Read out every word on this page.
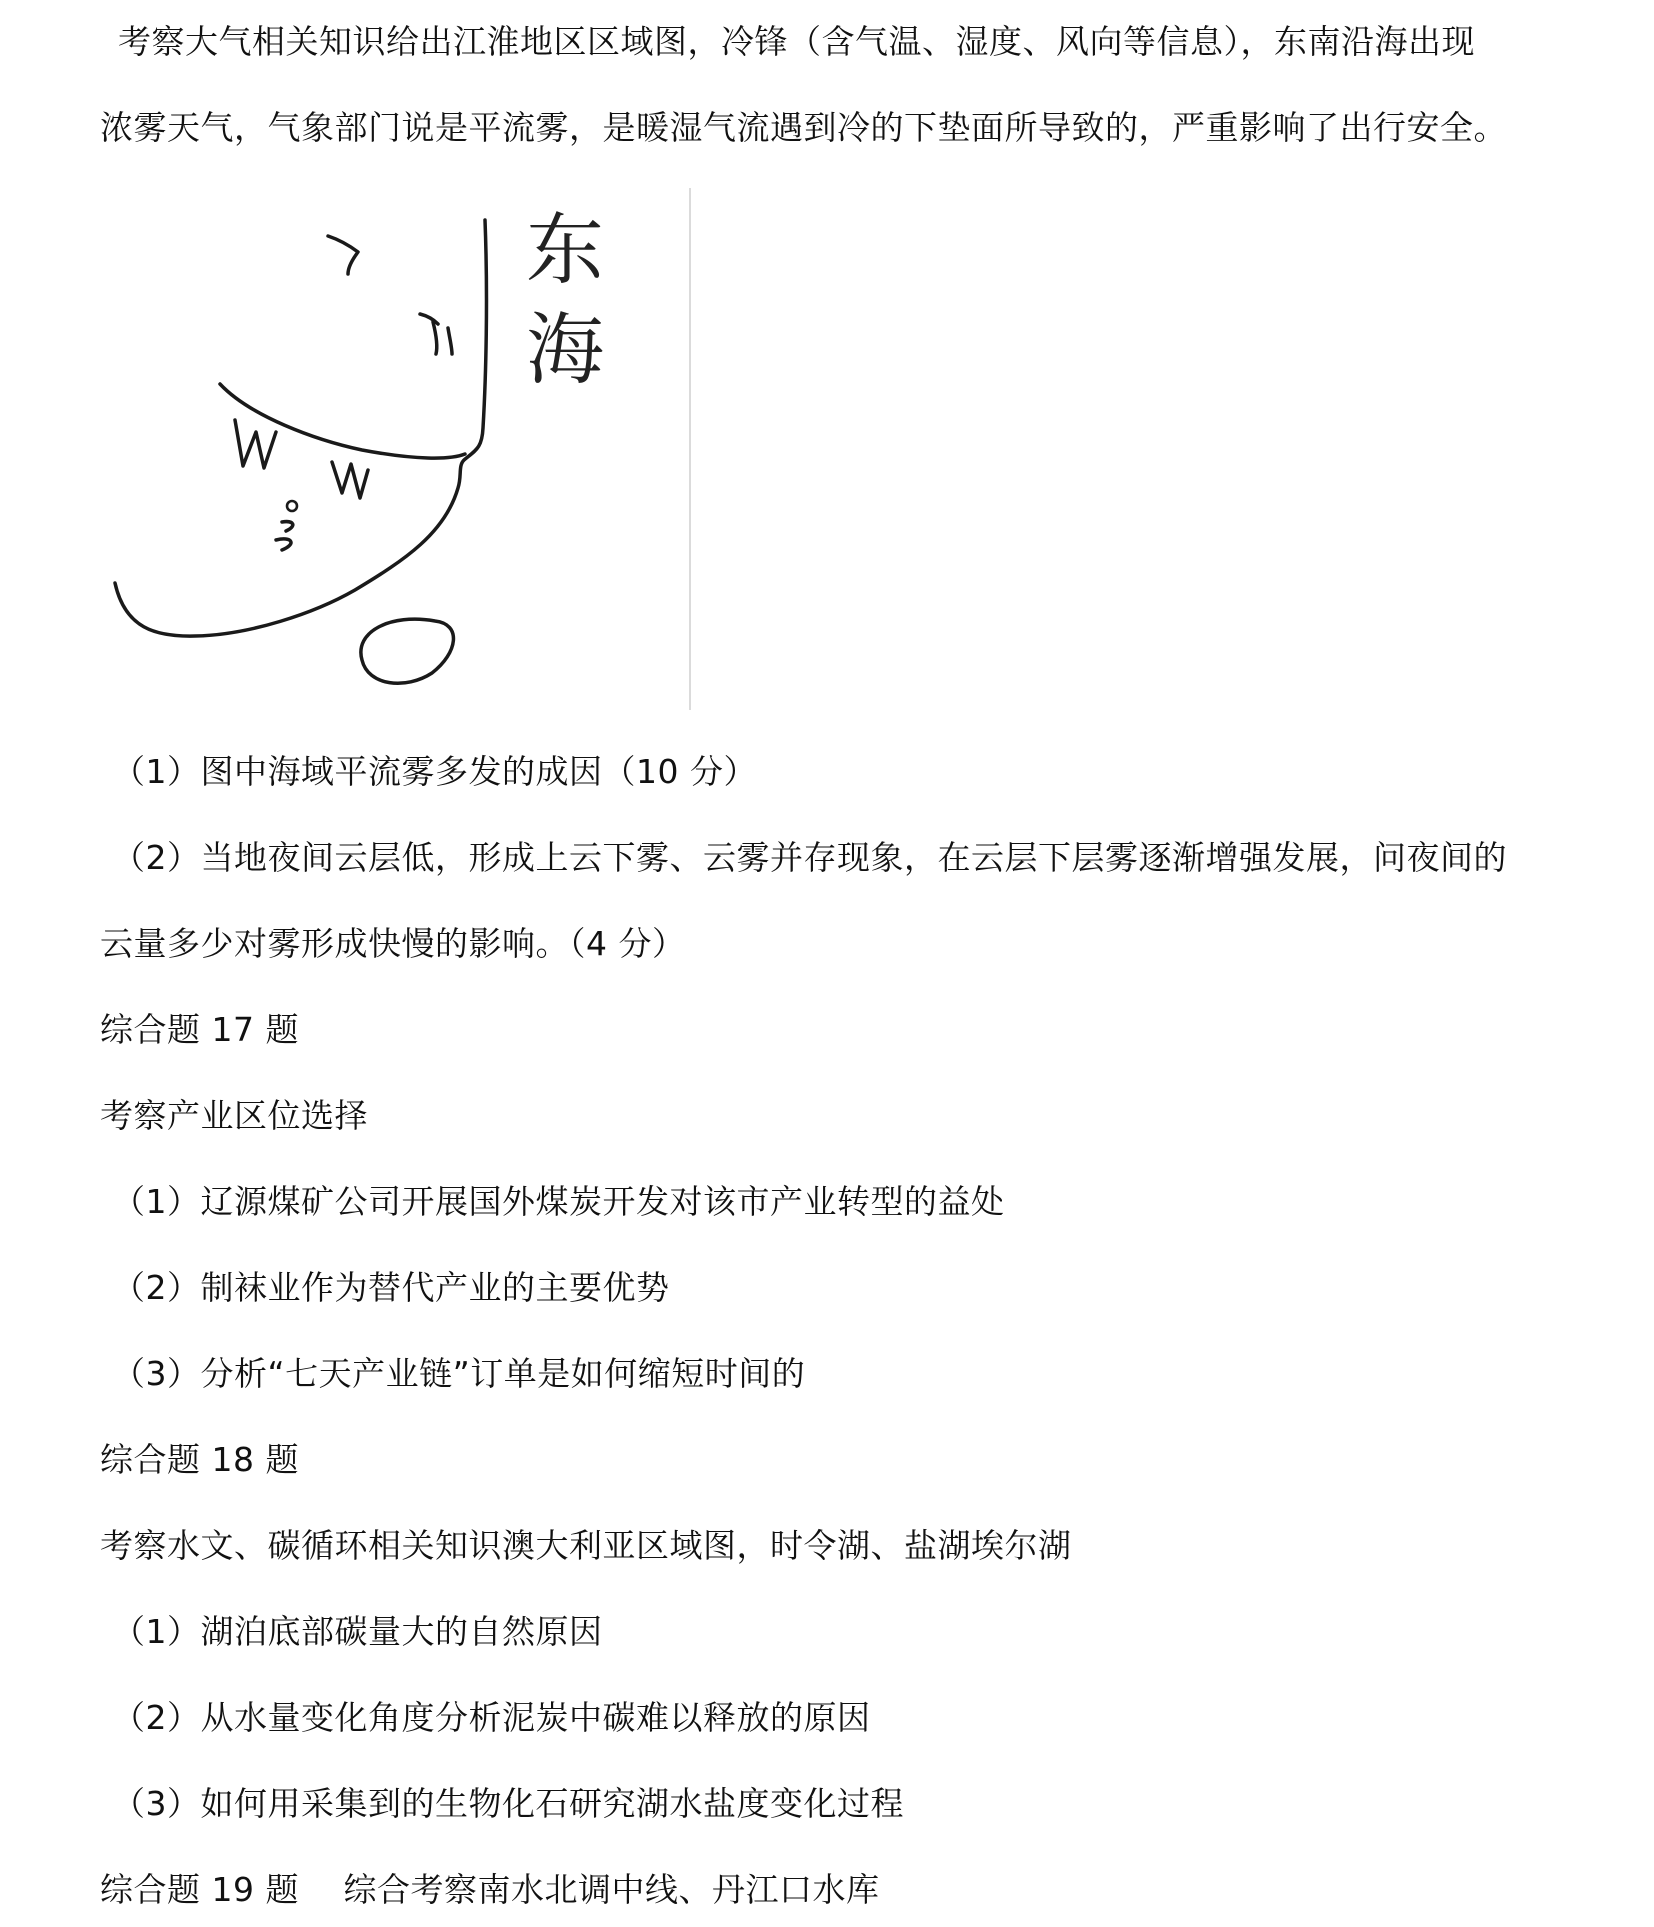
考察大气相关知识给出江淮地区区域图，冷锋（含气温、湿度、风向等信息），东南沿海出现
浓雾天气，气象部门说是平流雾，是暖湿气流遇到冷的下垫面所导致的，严重影响了出行安全。
东海
（1）图中海域平流雾多发的成因（10 分）
（2）当地夜间云层低，形成上云下雾、云雾并存现象，在云层下层雾逐渐增强发展，问夜间的
云量多少对雾形成快慢的影响。（4 分）
综合题 17 题
考察产业区位选择
（1）辽源煤矿公司开展国外煤炭开发对该市产业转型的益处
（2）制袜业作为替代产业的主要优势
（3）分析“七天产业链”订单是如何缩短时间的
综合题 18 题
考察水文、碳循环相关知识澳大利亚区域图，时令湖、盐湖埃尔湖
（1）湖泊底部碳量大的自然原因
（2）从水量变化角度分析泥炭中碳难以释放的原因
（3）如何用采集到的生物化石研究湖水盐度变化过程
综合题 19 题　 综合考察南水北调中线、丹江口水库
